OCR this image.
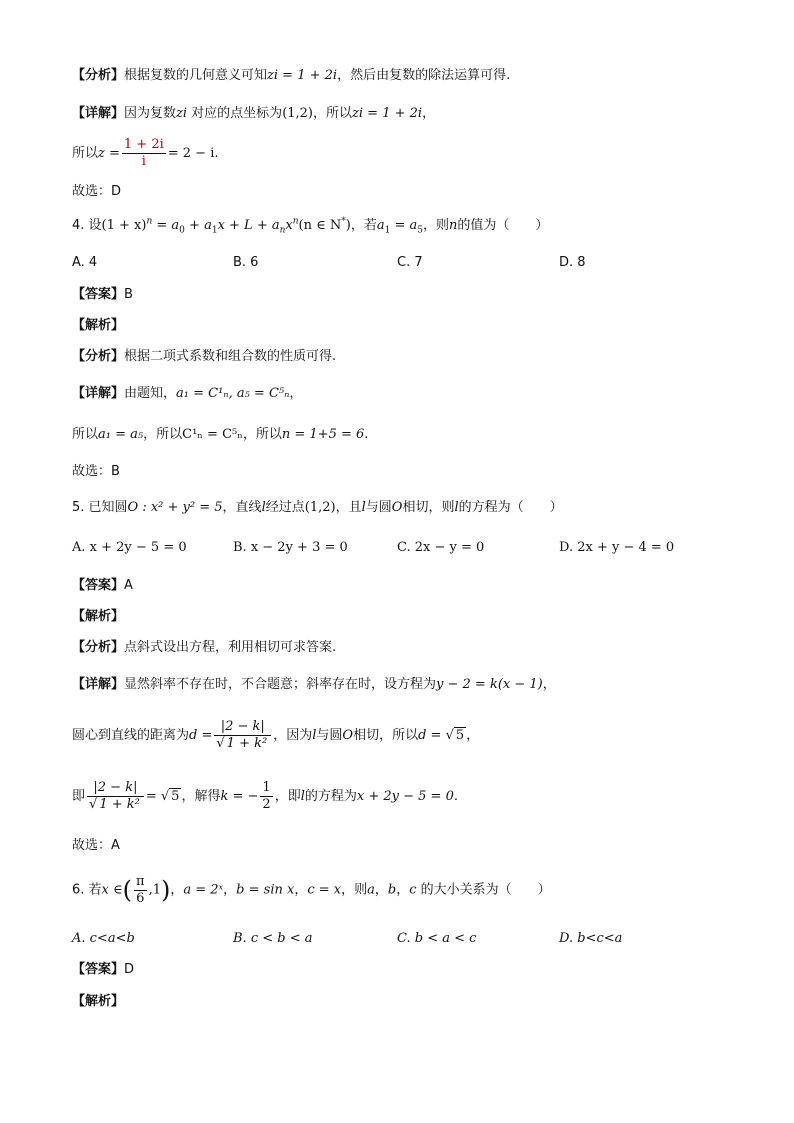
【分析】根据复数的几何意义可知zi = 1 + 2i，然后由复数的除法运算可得.
【详解】因为复数zi 对应的点坐标为(1,2)，所以zi = 1 + 2i，
所以$z = \frac{1 + 2i}{i} = 2 - i$.
故选：D
4. 设$(1 + x)^n = a_0 + a_1x + L + a_nx^n(n$ ∈ N*)，若$a_1 = a_5$，则n的值为（　　）
A. 4	B. 6	C. 7	D. 8
【答案】B
【解析】
【分析】根据二项式系数和组合数的性质可得.
【详解】由题知，a₁ = C¹ₙ, a₅ = C⁵ₙ，
所以a₁ = a₅，所以C¹ₙ = C⁵ₙ，所以n = 1+5 = 6.
故选：B
5. 已知圆O : x² + y² = 5，直线l经过点(1,2)，且l与圆O相切，则l的方程为（　　）
A. x + 2y − 5 = 0	B. x − 2y + 3 = 0	C. 2x − y = 0	D. 2x + y − 4 = 0
【答案】A
【解析】
【分析】点斜式设出方程，利用相切可求答案.
【详解】显然斜率不存在时，不合题意；斜率存在时，设方程为y − 2 = k(x − 1)，
圆心到直线的距离为$d = \frac{|2 - k|}{\text{√ 1 + k²}}$ ，因为l与圆O相切，所以d = √ 5 ，
即 $\frac{|2 - k|}{\text{√ 1 + k²}}$ = √ 5 ，解得k = − $\frac{1}{2}$ ，即l的方程为x + 2y − 5 = 0.
故选：A
6. 若x ∈( $\frac{\pi}{6} ,1$)，a = 2ˣ，b = sin x，c = x，则a，b，c 的大小关系为（　　）
A. c<a<b	B. c < b < a	C. b < a < c	D. b<c<a
【答案】D
【解析】
